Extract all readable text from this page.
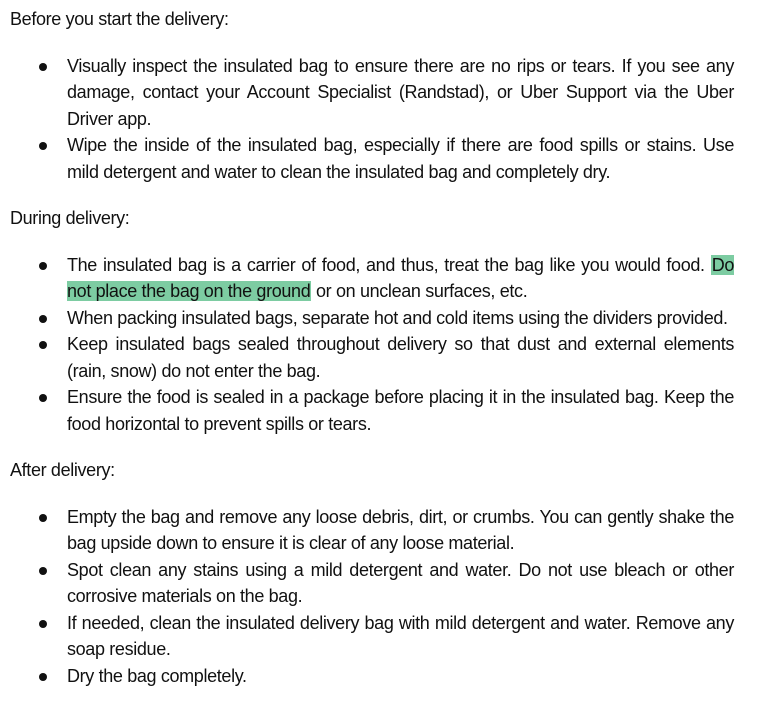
Before you start the delivery:

Visually inspect the insulated bag to ensure there are no rips or tears. If you see any damage, contact your Account Specialist (Randstad), or Uber Support via the Uber Driver app.
Wipe the inside of the insulated bag, especially if there are food spills or stains. Use mild detergent and water to clean the insulated bag and completely dry.

During delivery:

The insulated bag is a carrier of food, and thus, treat the bag like you would food. Do not place the bag on the ground or on unclean surfaces, etc.
When packing insulated bags, separate hot and cold items using the dividers provided.
Keep insulated bags sealed throughout delivery so that dust and external elements (rain, snow) do not enter the bag.
Ensure the food is sealed in a package before placing it in the insulated bag. Keep the food horizontal to prevent spills or tears.

After delivery:

Empty the bag and remove any loose debris, dirt, or crumbs. You can gently shake the bag upside down to ensure it is clear of any loose material.
Spot clean any stains using a mild detergent and water. Do not use bleach or other corrosive materials on the bag.
If needed, clean the insulated delivery bag with mild detergent and water. Remove any soap residue.
Dry the bag completely.
